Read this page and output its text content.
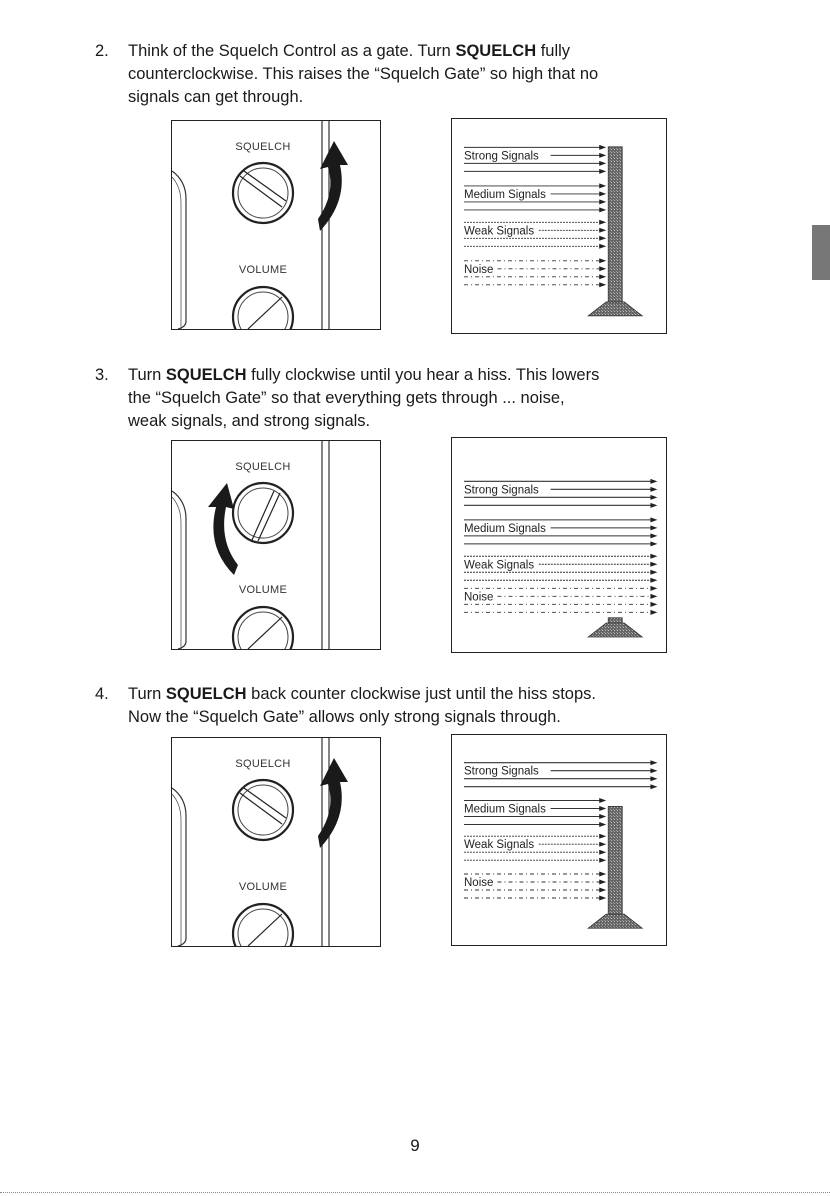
2.	Think of the Squelch Control as a gate. Turn SQUELCH fully
counterclockwise. This raises the “Squelch Gate” so high that no
signals can get through.
3.	Turn SQUELCH fully clockwise until you hear a hiss. This lowers
the “Squelch Gate” so that everything gets through ... noise,
weak signals, and strong signals.
4.	Turn SQUELCH back counter clockwise just until the hiss stops.
Now the “Squelch Gate” allows only strong signals through.
SQUELCH
VOLUME
SQUELCH
VOLUME
SQUELCH
VOLUME
Strong Signals
Medium Signals
Weak Signals
Noise
Strong Signals
Medium Signals
Weak Signals
Noise
Strong Signals
Medium Signals
Weak Signals
Noise
9
